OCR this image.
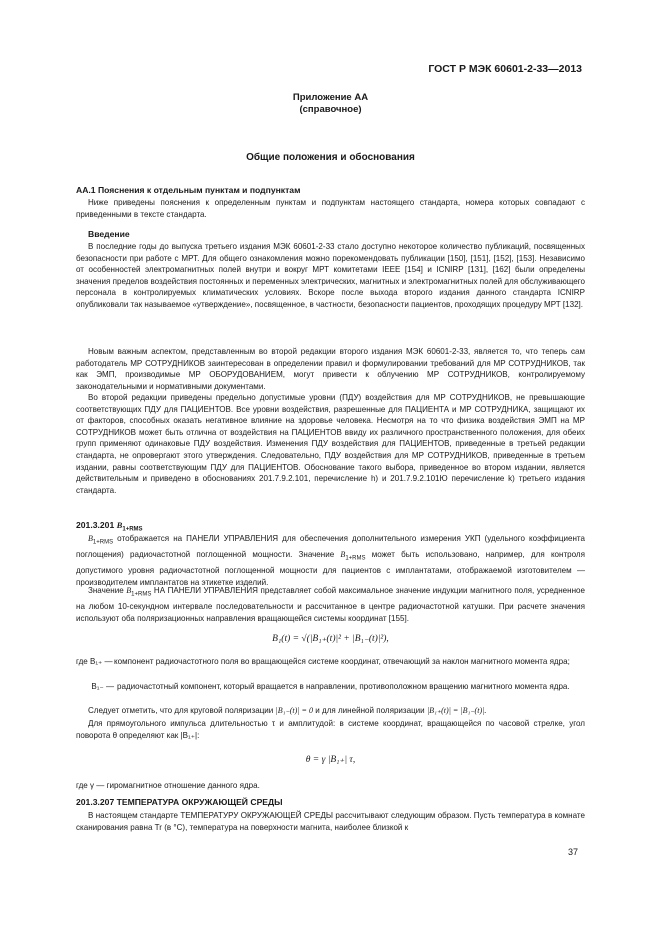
ГОСТ Р МЭК 60601-2-33—2013
Приложение АА
(справочное)
Общие положения и обоснования
АА.1 Пояснения к отдельным пунктам и подпунктам

Ниже приведены пояснения к определенным пунктам и подпунктам настоящего стандарта, номера которых совпадают с приведенными в тексте стандарта.

Введение

В последние годы до выпуска третьего издания МЭК 60601-2-33 стало доступно некоторое количество публикаций, посвященных безопасности при работе с МРТ. Для общего ознакомления можно порекомендовать публикации [150], [151], [152], [153]. Независимо от особенностей электромагнитных полей внутри и вокруг МРТ комитетами IEEE [154] и ICNIRP [131], [162] были определены значения пределов воздействия постоянных и переменных электрических, магнитных и электромагнитных полей для обслуживающего персонала в контролируемых климатических условиях. Вскоре после выхода второго издания данного стандарта ICNIRP опубликовали так называемое «утверждение», посвященное, в частности, безопасности пациентов, проходящих процедуру МРТ [132].

Новым важным аспектом, представленным во второй редакции второго издания МЭК 60601-2-33, является то, что теперь сам работодатель МР СОТРУДНИКОВ заинтересован в определении правил и формулировании требований для МР СОТРУДНИКОВ, так как ЭМП, производимые МР ОБОРУДОВАНИЕМ, могут привести к облучению МР СОТРУДНИКОВ, контролируемому законодательными и нормативными документами.

Во второй редакции приведены предельно допустимые уровни (ПДУ) воздействия для МР СОТРУДНИКОВ, не превышающие соответствующих ПДУ для ПАЦИЕНТОВ. Все уровни воздействия, разрешенные для ПАЦИЕНТА и МР СОТРУДНИКА, защищают их от факторов, способных оказать негативное влияние на здоровье человека. Несмотря на то что физика воздействия ЭМП на МР СОТРУДНИКОВ может быть отлична от воздействия на ПАЦИЕНТОВ ввиду их различного пространственного положения, для обеих групп применяют одинаковые ПДУ воздействия. Изменения ПДУ воздействия для ПАЦИЕНТОВ, приведенные в третьей редакции стандарта, не опровергают этого утверждения. Следовательно, ПДУ воздействия для МР СОТРУДНИКОВ, приведенные в третьем издании, равны соответствующим ПДУ для ПАЦИЕНТОВ. Обоснование такого выбора, приведенное во втором издании, является действительным и приведено в обоснованиях 201.7.9.2.101, перечисление h) и 201.7.9.2.101Ю перечисление k) третьего издания стандарта.

201.3.201 $B_{1+RMS}$

$B_{1+RMS}$ отображается на ПАНЕЛИ УПРАВЛЕНИЯ для обеспечения дополнительного измерения УКП (удельного коэффициента поглощения) радиочастотной поглощенной мощности. Значение $B_{1+RMS}$ может быть использовано, например, для контроля допустимого уровня радиочастотной поглощенной мощности для пациентов с имплантатами, отображаемой изготовителем — производителем имплантатов на этикетке изделий.

Значение $B_{1+RMS}$ НА ПАНЕЛИ УПРАВЛЕНИЯ представляет собой максимальное значение индукции магнитного поля, усредненное на любом 10-секундном интервале последовательности и рассчитанное в центре радиочастотной катушки. При расчете значения используют оба поляризационных направления вращающейся системы координат [155].

B₁(t) = √(|B₁₊(t)|² + |B₁₋(t)|²),
где B₁₊ —компонент радиочастотного поля во вращающейся системе координат, отвечающий за наклон магнитного момента ядра;
B₁₋ — радиочастотный компонент, который вращается в направлении, противоположном вращению магнитного момента ядра.
Следует отметить, что для круговой поляризации |B₁₋(t)| = 0 и для линейной поляризации |B₁₊(t)| = |B₁₋(t)|.

Для прямоугольного импульса длительностью τ и амплитудой: в системе координат, вращающейся по часовой стрелке, угол поворота θ определяют как |B₁₊|:

θ = γ |B₁₊| τ,
где γ — гиромагнитное отношение данного ядра.
201.3.207 ТЕМПЕРАТУРА ОКРУЖАЮЩЕЙ СРЕДЫ

В настоящем стандарте ТЕМПЕРАТУРУ ОКРУЖАЮЩЕЙ СРЕДЫ рассчитывают следующим образом. Пусть температура в комнате сканирования равна Tr (в °С), температура на поверхности магнита, наиболее близкой к

37
